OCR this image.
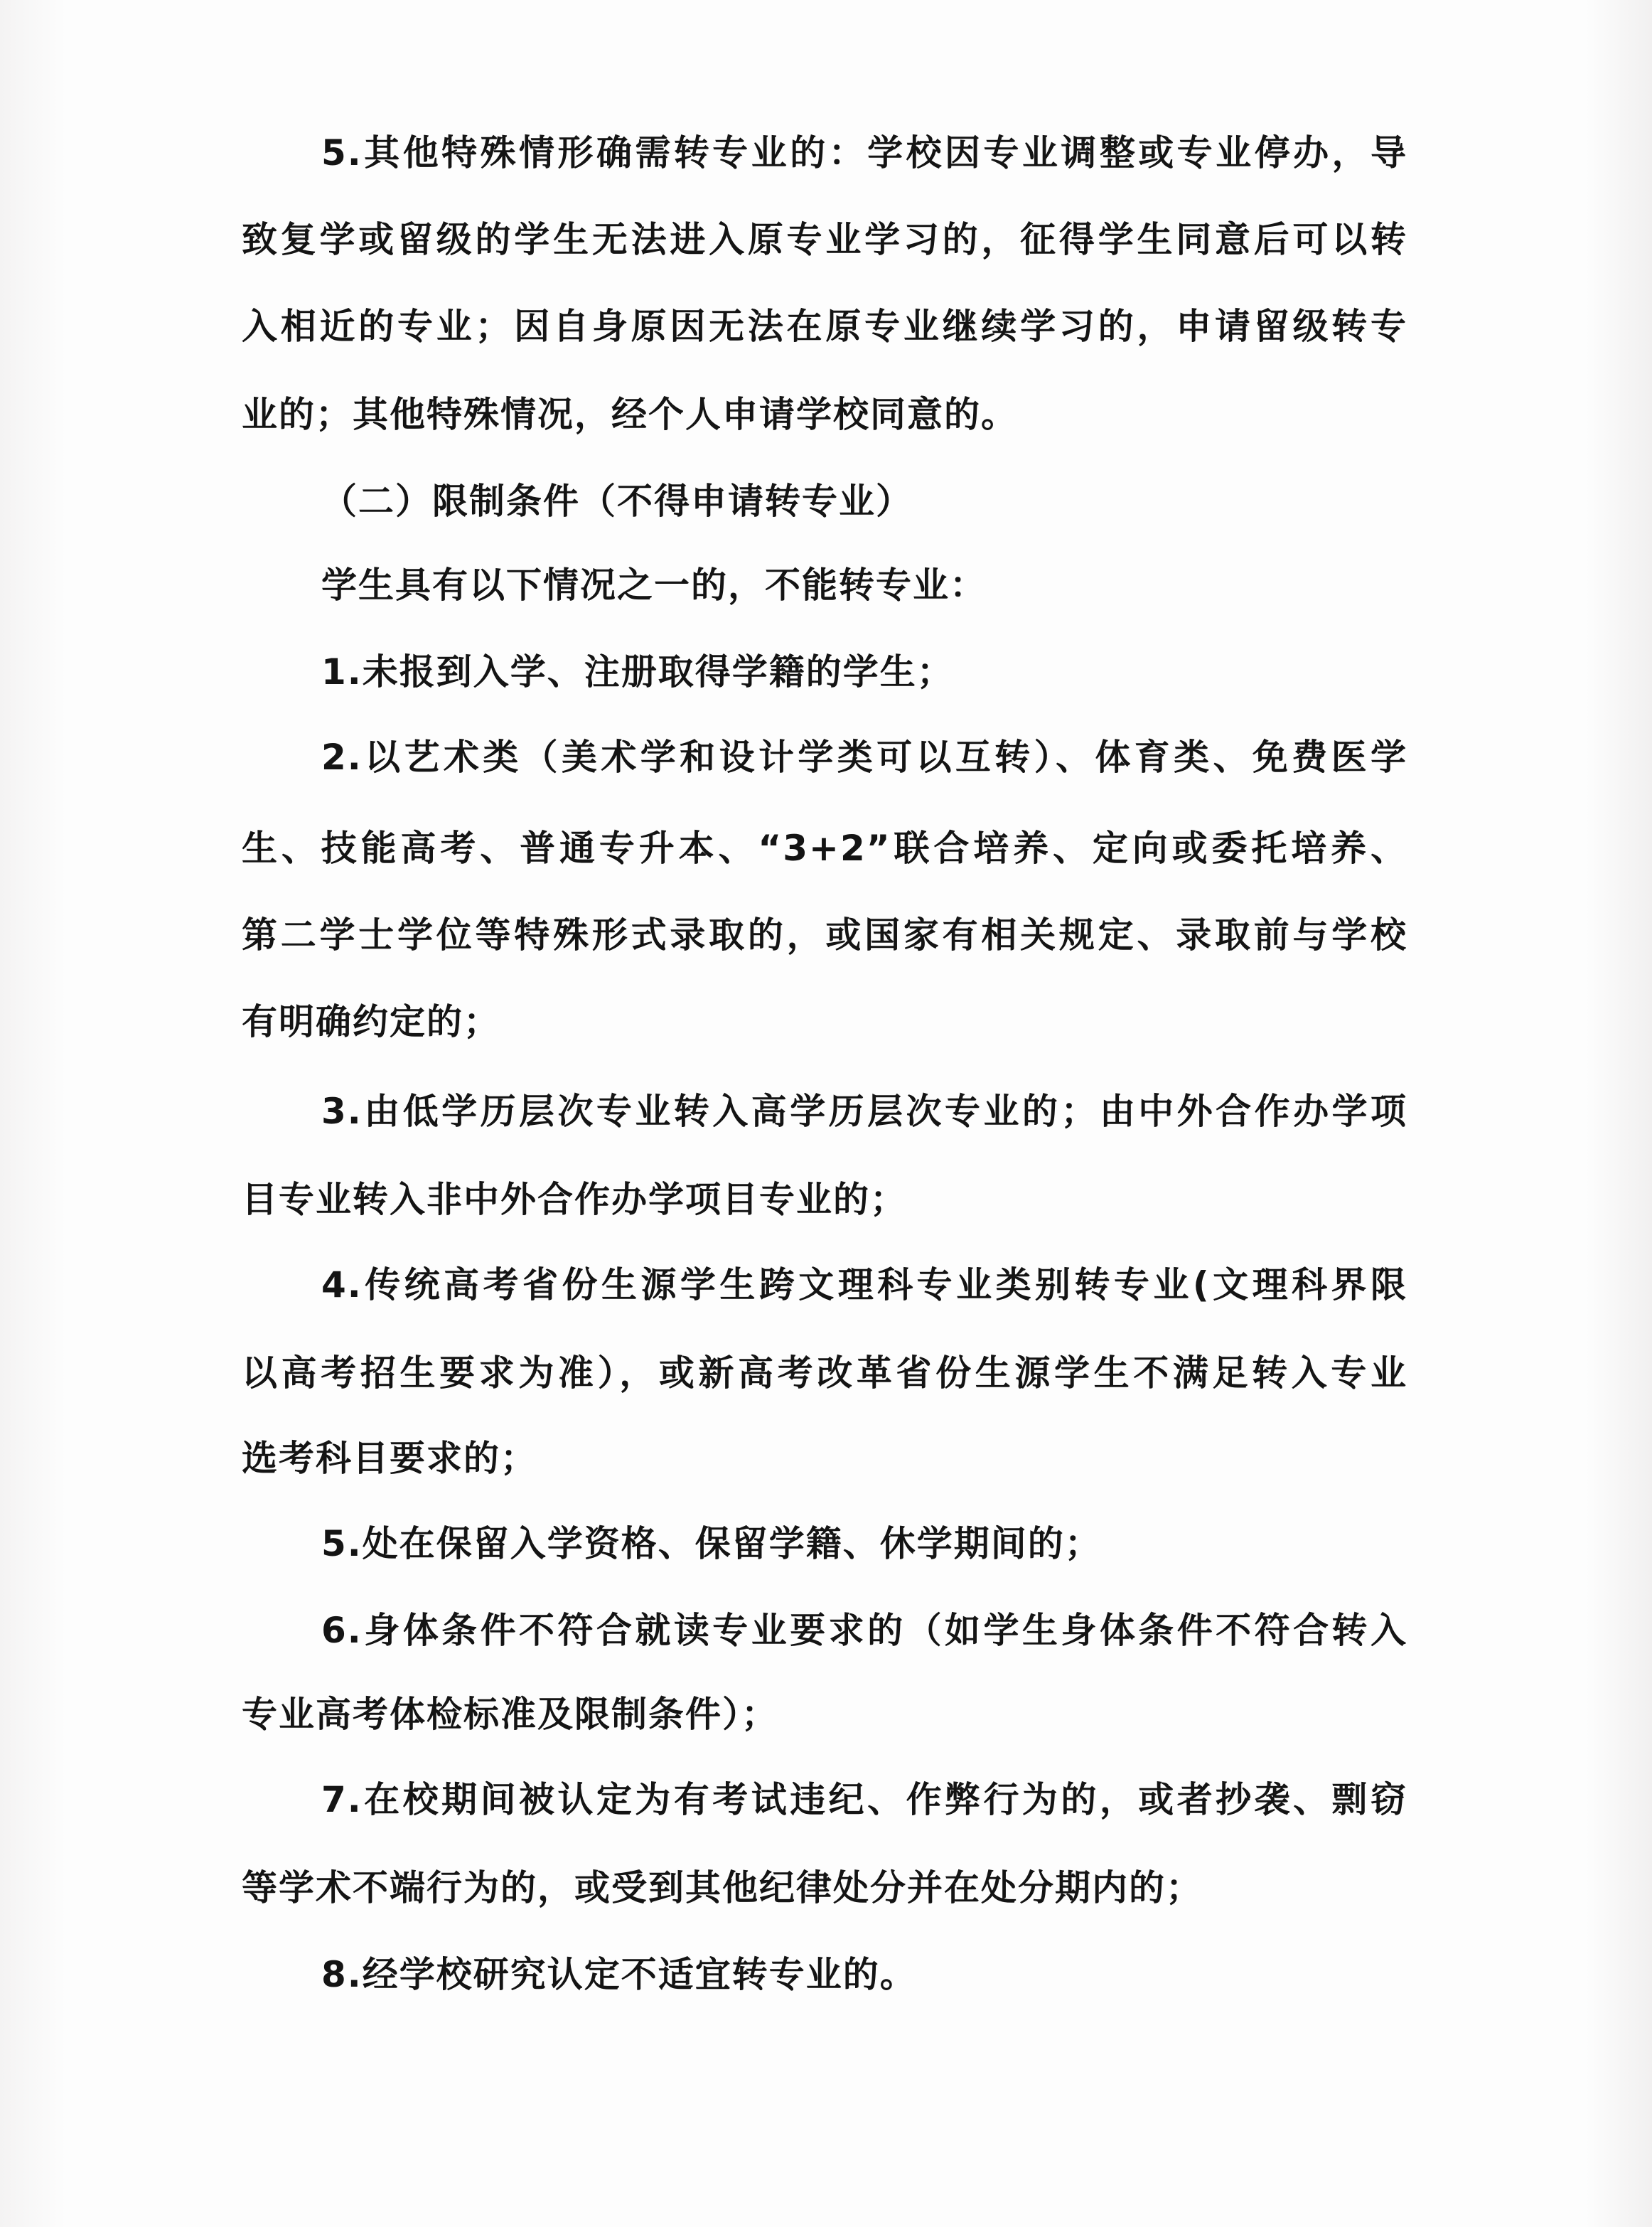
5.其他特殊情形确需转专业的：学校因专业调整或专业停办，导
致复学或留级的学生无法进入原专业学习的，征得学生同意后可以转
入相近的专业；因自身原因无法在原专业继续学习的，申请留级转专
业的；其他特殊情况，经个人申请学校同意的。
（二）限制条件（不得申请转专业）
学生具有以下情况之一的，不能转专业：
1.未报到入学、注册取得学籍的学生；
2.以艺术类（美术学和设计学类可以互转）、体育类、免费医学
生、技能高考、普通专升本、“3+2”联合培养、定向或委托培养、
第二学士学位等特殊形式录取的，或国家有相关规定、录取前与学校
有明确约定的；
3.由低学历层次专业转入高学历层次专业的；由中外合作办学项
目专业转入非中外合作办学项目专业的；
4.传统高考省份生源学生跨文理科专业类别转专业(文理科界限
以高考招生要求为准），或新高考改革省份生源学生不满足转入专业
选考科目要求的；
5.处在保留入学资格、保留学籍、休学期间的；
6.身体条件不符合就读专业要求的（如学生身体条件不符合转入
专业高考体检标准及限制条件）；
7.在校期间被认定为有考试违纪、作弊行为的，或者抄袭、剽窃
等学术不端行为的，或受到其他纪律处分并在处分期内的；
8.经学校研究认定不适宜转专业的。
